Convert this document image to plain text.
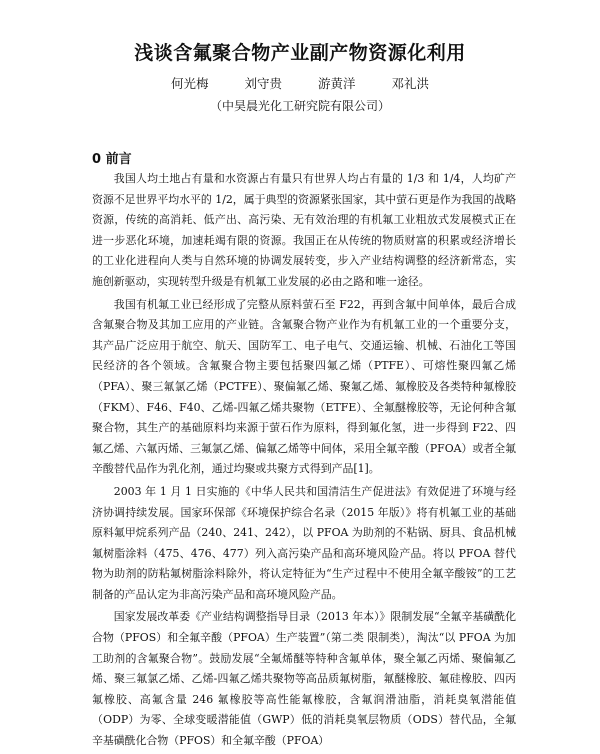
浅谈含氟聚合物产业副产物资源化利用
何光梅	刘守贵	游黄洋	邓礼洪
（中昊晨光化工研究院有限公司）
0 前言

我国人均土地占有量和水资源占有量只有世界人均占有量的 1/3 和 1/4，人均矿产资源不足世界平均水平的 1/2，属于典型的资源紧张国家，其中萤石更是作为我国的战略资源，传统的高消耗、低产出、高污染、无有效治理的有机氟工业粗放式发展模式正在进一步恶化环境，加速耗竭有限的资源。我国正在从传统的物质财富的积累或经济增长的工业化进程向人类与自然环境的协调发展转变，步入产业结构调整的经济新常态，实施创新驱动，实现转型升级是有机氟工业发展的必由之路和唯一途径。

我国有机氟工业已经形成了完整从原料萤石至 F22，再到含氟中间单体，最后合成含氟聚合物及其加工应用的产业链。含氟聚合物产业作为有机氟工业的一个重要分支，其产品广泛应用于航空、航天、国防军工、电子电气、交通运输、机械、石油化工等国民经济的各个领域。含氟聚合物主要包括聚四氟乙烯（PTFE）、可熔性聚四氟乙烯（PFA）、聚三氟氯乙烯（PCTFE）、聚偏氟乙烯、聚氟乙烯、氟橡胶及各类特种氟橡胶（FKM）、F46、F40、乙烯-四氟乙烯共聚物（ETFE）、全氟醚橡胶等，无论何种含氟聚合物，其生产的基础原料均来源于萤石作为原料，得到氟化氢，进一步得到 F22、四氟乙烯、六氟丙烯、三氟氯乙烯、偏氟乙烯等中间体，采用全氟辛酸（PFOA）或者全氟辛酸替代品作为乳化剂，通过均聚或共聚方式得到产品[1]。

2003 年 1 月 1 日实施的《中华人民共和国清洁生产促进法》有效促进了环境与经济协调持续发展。国家环保部《环境保护综合名录（2015 年版）》将有机氟工业的基础原料氟甲烷系列产品（240、241、242），以 PFOA 为助剂的不粘锅、厨具、食品机械氟树脂涂料（475、476、477）列入高污染产品和高环境风险产品。将以 PFOA 替代物为助剂的防粘氟树脂涂料除外，将认定特征为“生产过程中不使用全氟辛酸铵”的工艺制备的产品认定为非高污染产品和高环境风险产品。

国家发展改革委《产业结构调整指导目录（2013 年本）》限制发展“全氟辛基磺酰化合物（PFOS）和全氟辛酸（PFOA）生产装置”（第二类 限制类），淘汰“以 PFOA 为加工助剂的含氟聚合物”。鼓励发展“全氟烯醚等特种含氟单体，聚全氟乙丙烯、聚偏氟乙烯、聚三氟氯乙烯、乙烯-四氟乙烯共聚物等高品质氟树脂，氟醚橡胶、氟硅橡胶、四丙氟橡胶、高氟含量 246 氟橡胶等高性能氟橡胶，含氟润滑油脂，消耗臭氧潜能值（ODP）为零、全球变暖潜能值（GWP）低的消耗臭氧层物质（ODS）替代品，全氟辛基磺酰化合物（PFOS）和全氟辛酸（PFOA）
